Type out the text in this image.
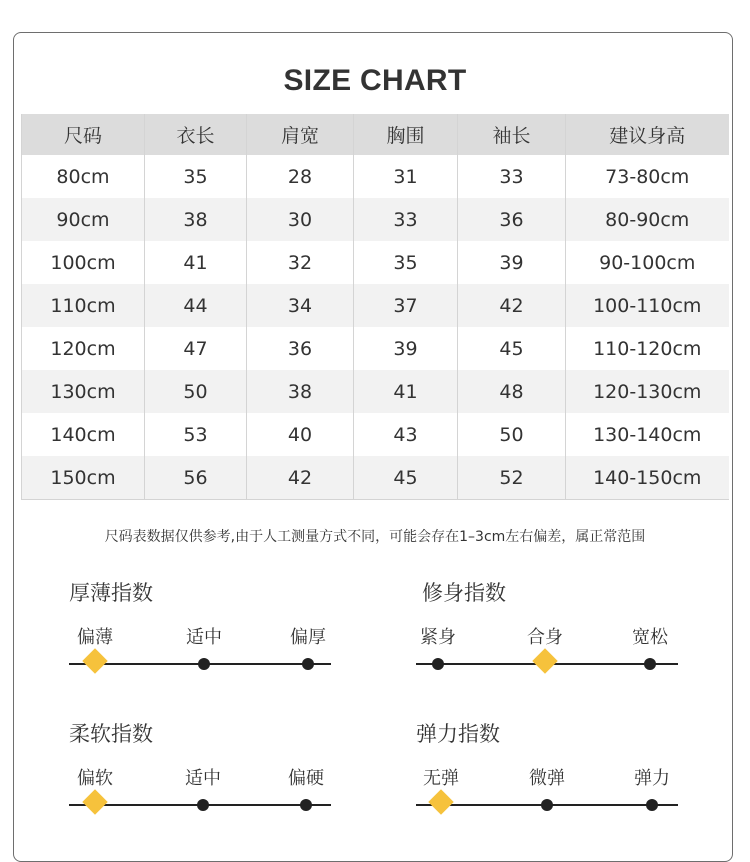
SIZE CHART
尺码	衣长	肩宽	胸围	袖长	建议身高
80cm	35	28	31	33	73-80cm
90cm	38	30	33	36	80-90cm
100cm	41	32	35	39	90-100cm
110cm	44	34	37	42	100-110cm
120cm	47	36	39	45	110-120cm
130cm	50	38	41	48	120-130cm
140cm	53	40	43	50	130-140cm
150cm	56	42	45	52	140-150cm
尺码表数据仅供参考,由于人工测量方式不同，可能会存在1–3cm左右偏差，属正常范围
厚薄指数
偏薄	适中	偏厚
修身指数
紧身	合身	宽松
柔软指数
偏软	适中	偏硬
弹力指数
无弹	微弹	弹力
